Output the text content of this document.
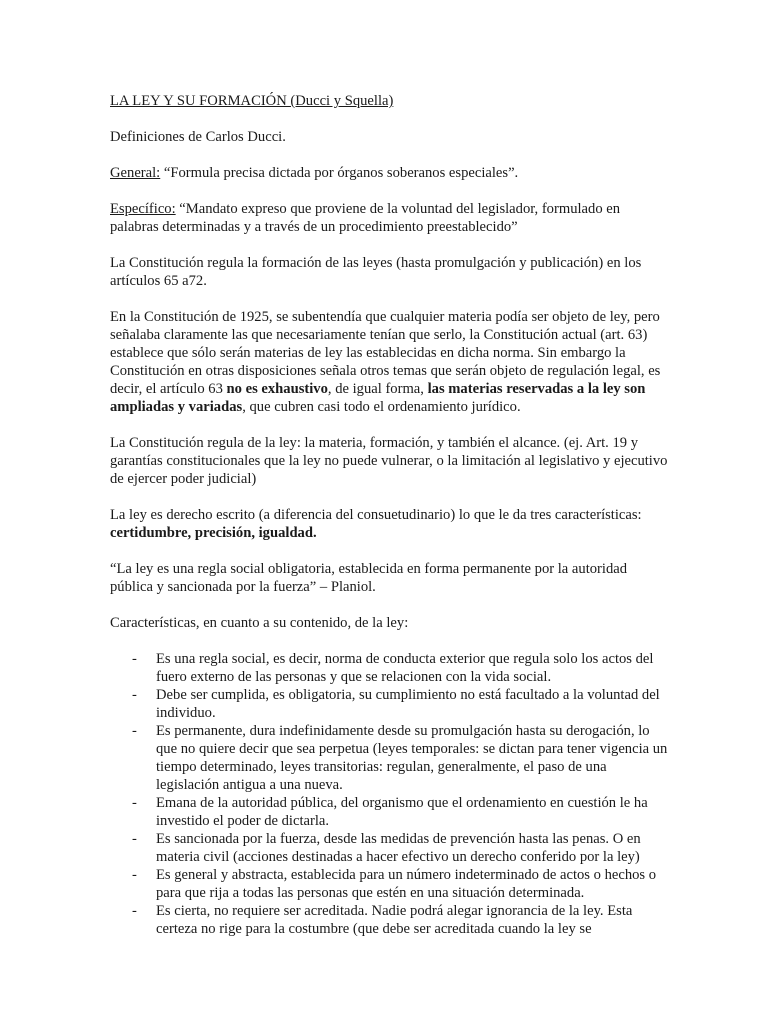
LA LEY Y SU FORMACIÓN (Ducci y Squella)

Definiciones de Carlos Ducci.

General: “Formula precisa dictada por órganos soberanos especiales”.

Específico: “Mandato expreso que proviene de la voluntad del legislador, formulado en palabras determinadas y a través de un procedimiento preestablecido”

La Constitución regula la formación de las leyes (hasta promulgación y publicación) en los artículos 65 a72.

En la Constitución de 1925, se subentendía que cualquier materia podía ser objeto de ley, pero señalaba claramente las que necesariamente tenían que serlo, la Constitución actual (art. 63) establece que sólo serán materias de ley las establecidas en dicha norma. Sin embargo la Constitución en otras disposiciones señala otros temas que serán objeto de regulación legal, es decir, el artículo 63 no es exhaustivo, de igual forma, las materias reservadas a la ley son ampliadas y variadas, que cubren casi todo el ordenamiento jurídico.

La Constitución regula de la ley: la materia, formación, y también el alcance. (ej. Art. 19 y garantías constitucionales que la ley no puede vulnerar, o la limitación al legislativo y ejecutivo de ejercer poder judicial)

La ley es derecho escrito (a diferencia del consuetudinario) lo que le da tres características: certidumbre, precisión, igualdad.

“La ley es una regla social obligatoria, establecida en forma permanente por la autoridad pública y sancionada por la fuerza” – Planiol.

Características, en cuanto a su contenido, de la ley:

- Es una regla social, es decir, norma de conducta exterior que regula solo los actos del fuero externo de las personas y que se relacionen con la vida social.
- Debe ser cumplida, es obligatoria, su cumplimiento no está facultado a la voluntad del individuo.
- Es permanente, dura indefinidamente desde su promulgación hasta su derogación, lo que no quiere decir que sea perpetua (leyes temporales: se dictan para tener vigencia un tiempo determinado, leyes transitorias: regulan, generalmente, el paso de una legislación antigua a una nueva.
- Emana de la autoridad pública, del organismo que el ordenamiento en cuestión le ha investido el poder de dictarla.
- Es sancionada por la fuerza, desde las medidas de prevención hasta las penas. O en materia civil (acciones destinadas a hacer efectivo un derecho conferido por la ley)
- Es general y abstracta, establecida para un número indeterminado de actos o hechos o para que rija a todas las personas que estén en una situación determinada.
- Es cierta, no requiere ser acreditada. Nadie podrá alegar ignorancia de la ley. Esta certeza no rige para la costumbre (que debe ser acreditada cuando la ley se
